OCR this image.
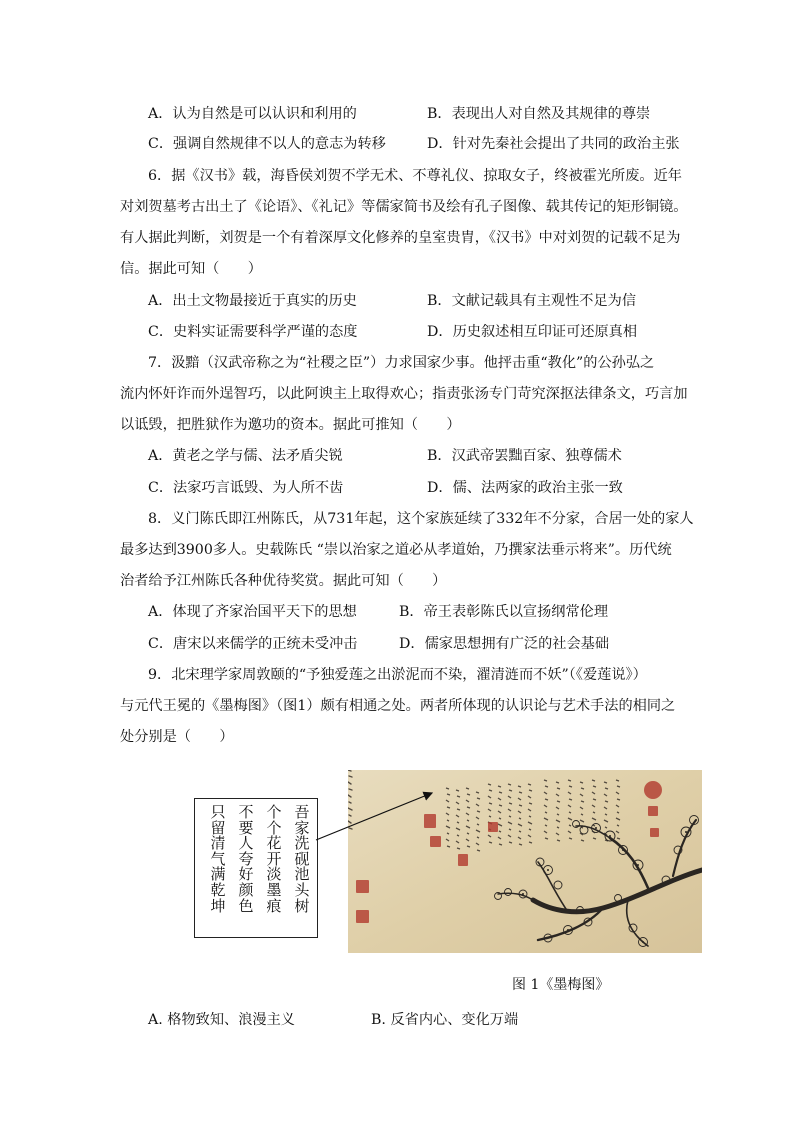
A．认为自然是可以认识和利用的	B．表现出人对自然及其规律的尊崇
C．强调自然规律不以人的意志为转移	D．针对先秦社会提出了共同的政治主张
6．据《汉书》载，海昏侯刘贺不学无术、不尊礼仪、掠取女子，终被霍光所废。近年
对刘贺墓考古出土了《论语》、《礼记》等儒家简书及绘有孔子图像、载其传记的矩形铜镜。
有人据此判断，刘贺是一个有着深厚文化修养的皇室贵胄，《汉书》中对刘贺的记载不足为
信。据此可知（　　）
A．出土文物最接近于真实的历史	B．文献记载具有主观性不足为信
C．史料实证需要科学严谨的态度	D．历史叙述相互印证可还原真相
7．汲黯（汉武帝称之为“社稷之臣”）力求国家少事。他抨击重“教化”的公孙弘之
流内怀奸诈而外逞智巧，以此阿谀主上取得欢心；指责张汤专门苛究深抠法律条文，巧言加
以诋毁，把胜狱作为邀功的资本。据此可推知（　　）
A．黄老之学与儒、法矛盾尖锐	B．汉武帝罢黜百家、独尊儒术
C．法家巧言诋毁、为人所不齿	D．儒、法两家的政治主张一致
8．义门陈氏即江州陈氏，从731年起，这个家族延续了332年不分家，合居一处的家人
最多达到3900多人。史载陈氏 “崇以治家之道必从孝道始，乃撰家法垂示将来”。历代统
治者给予江州陈氏各种优待奖赏。据此可知（　　）
A．体现了齐家治国平天下的思想	B．帝王表彰陈氏以宣扬纲常伦理
C．唐宋以来儒学的正统未受冲击	D．儒家思想拥有广泛的社会基础
9．北宋理学家周敦颐的“予独爱莲之出淤泥而不染，濯清涟而不妖”（《爱莲说》）
与元代王冕的《墨梅图》（图1）颇有相通之处。两者所体现的认识论与艺术手法的相同之
处分别是（　　）
吾家洗砚池头树
个个花开淡墨痕
不要人夸好颜色
只留清气满乾坤
图 1《墨梅图》
A. 格物致知、浪漫主义	B. 反省内心、变化万端
